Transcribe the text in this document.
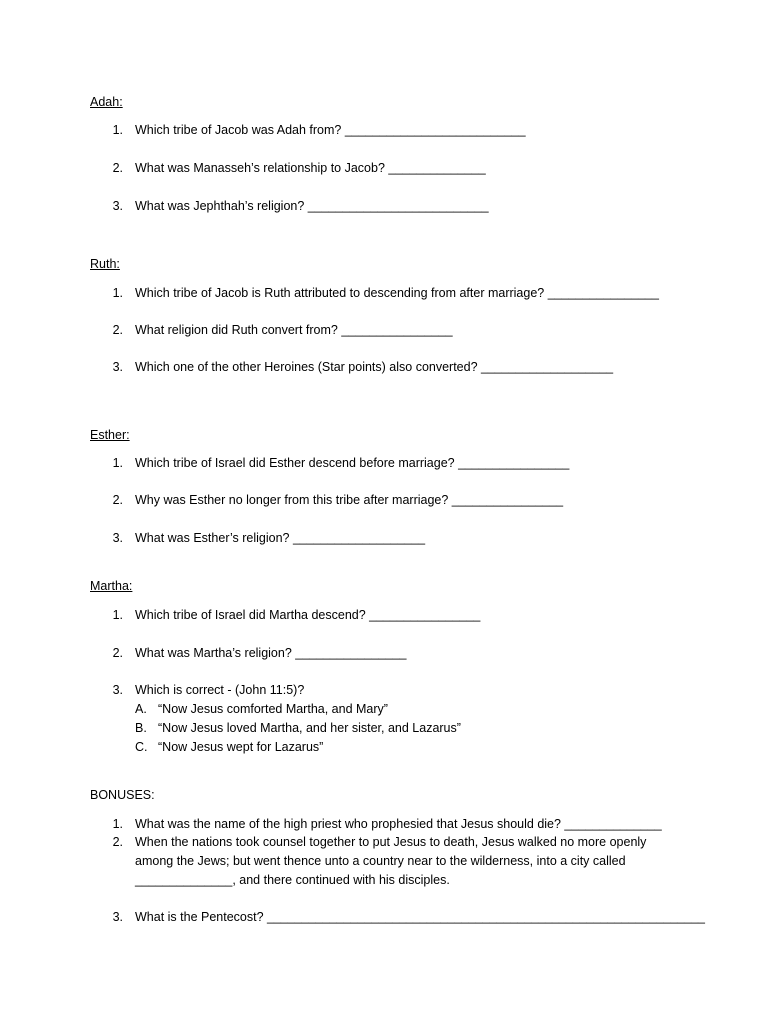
Adah:
1. Which tribe of Jacob was Adah from? __________________________
2. What was Manasseh’s relationship to Jacob? ______________
3. What was Jephthah’s religion? __________________________
Ruth:
1. Which tribe of Jacob is Ruth attributed to descending from after marriage? ________________
2. What religion did Ruth convert from? ________________
3. Which one of the other Heroines (Star points) also converted? ___________________
Esther:
1. Which tribe of Israel did Esther descend before marriage? ________________
2. Why was Esther no longer from this tribe after marriage? ________________
3. What was Esther’s religion? ___________________
Martha:
1. Which tribe of Israel did Martha descend? ________________
2. What was Martha’s religion? ________________
3. Which is correct - (John 11:5)?
A. “Now Jesus comforted Martha, and Mary”
B. “Now Jesus loved Martha, and her sister, and Lazarus”
C. “Now Jesus wept for Lazarus”
BONUSES:
1. What was the name of the high priest who prophesied that Jesus should die? ______________
2. When the nations took counsel together to put Jesus to death, Jesus walked no more openly
among the Jews; but went thence unto a country near to the wilderness, into a city called
______________, and there continued with his disciples.
3. What is the Pentecost? _______________________________________________________________
